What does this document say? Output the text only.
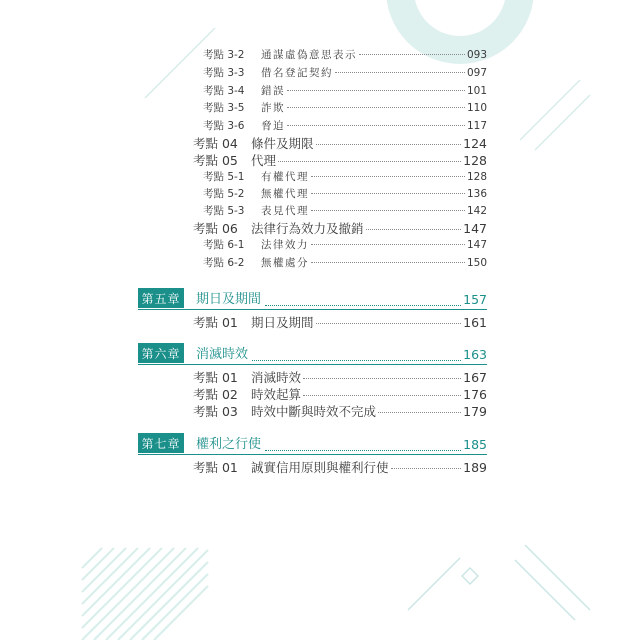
考點 3-2	通謀虛偽意思表示	093
考點 3-3	借名登記契約	097
考點 3-4	錯誤	101
考點 3-5	詐欺	110
考點 3-6	脅迫	117
考點 04	條件及期限	124
考點 05	代理	128
考點 5-1	有權代理	128
考點 5-2	無權代理	136
考點 5-3	表見代理	142
考點 06	法律行為效力及撤銷	147
考點 6-1	法律效力	147
考點 6-2	無權處分	150
第五章 期日及期間	157
考點 01	期日及期間	161
第六章 消滅時效	163
考點 01	消滅時效	167
考點 02	時效起算	176
考點 03	時效中斷與時效不完成	179
第七章 權利之行使	185
考點 01	誠實信用原則與權利行使	189
